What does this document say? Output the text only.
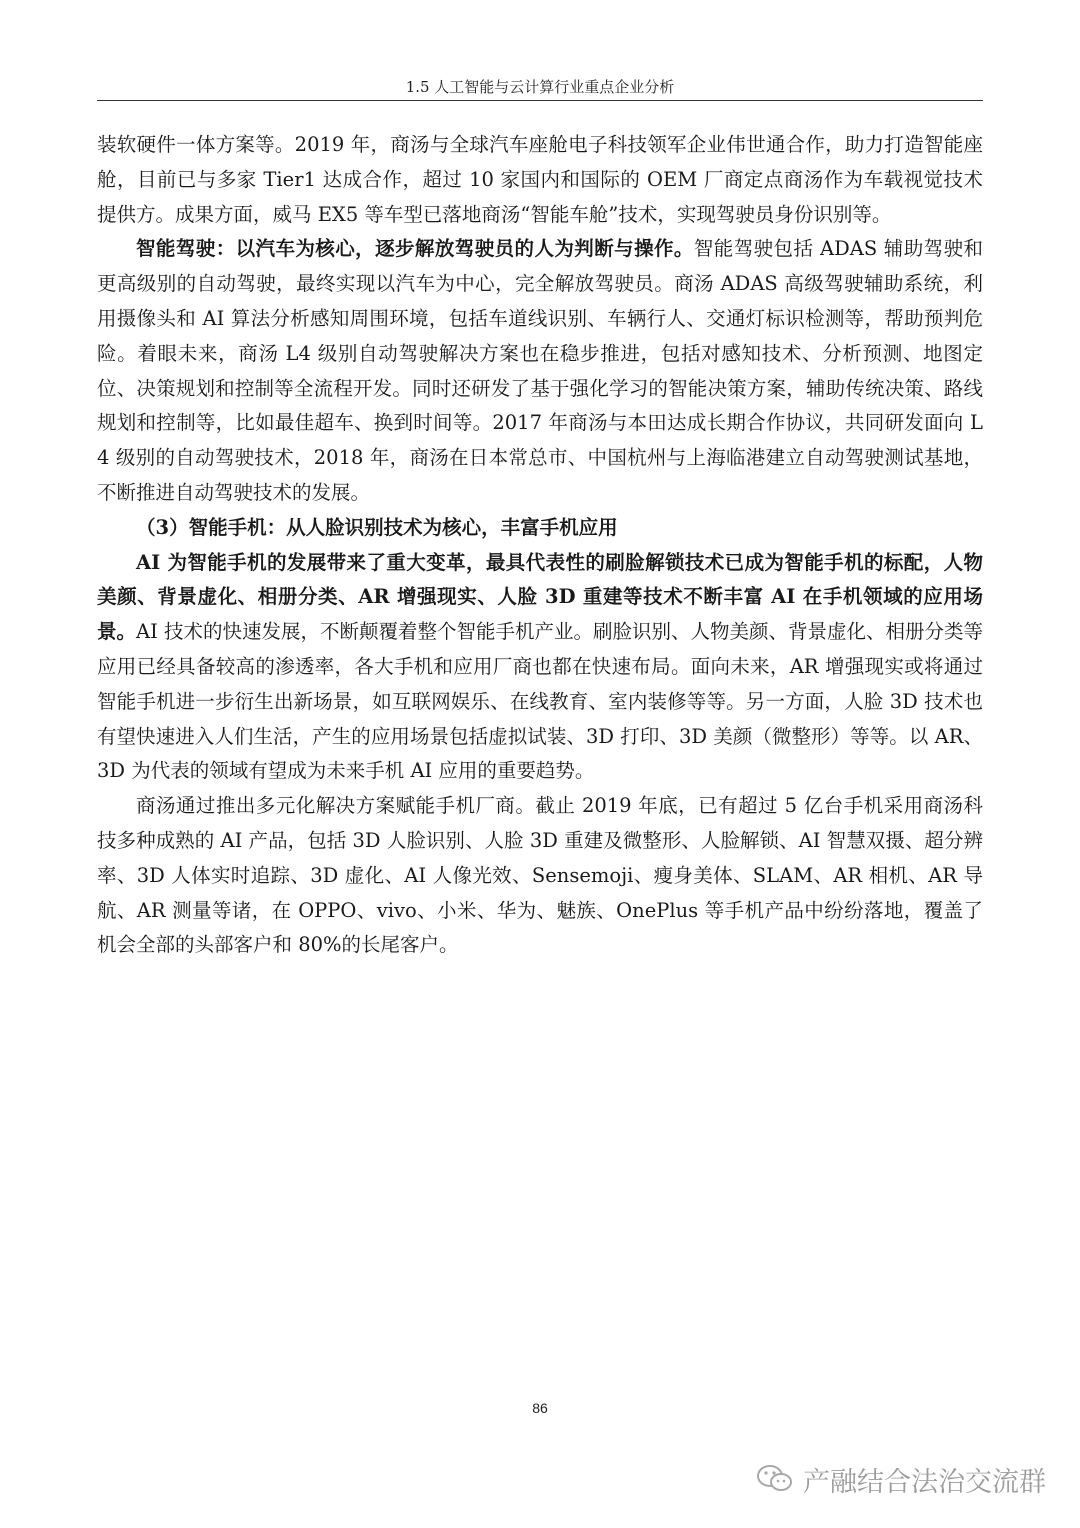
1.5 人工智能与云计算行业重点企业分析

装软硬件一体方案等。2019 年，商汤与全球汽车座舱电子科技领军企业伟世通合作，助力打造智能座舱，目前已与多家 Tier1 达成合作，超过 10 家国内和国际的 OEM 厂商定点商汤作为车载视觉技术提供方。成果方面，威马 EX5 等车型已落地商汤“智能车舱”技术，实现驾驶员身份识别等。

智能驾驶：以汽车为核心，逐步解放驾驶员的人为判断与操作。智能驾驶包括 ADAS 辅助驾驶和更高级别的自动驾驶，最终实现以汽车为中心，完全解放驾驶员。商汤 ADAS 高级驾驶辅助系统，利用摄像头和 AI 算法分析感知周围环境，包括车道线识别、车辆行人、交通灯标识检测等，帮助预判危险。着眼未来，商汤 L4 级别自动驾驶解决方案也在稳步推进，包括对感知技术、分析预测、地图定位、决策规划和控制等全流程开发。同时还研发了基于强化学习的智能决策方案，辅助传统决策、路线规划和控制等，比如最佳超车、换到时间等。2017 年商汤与本田达成长期合作协议，共同研发面向 L4 级别的自动驾驶技术，2018 年，商汤在日本常总市、中国杭州与上海临港建立自动驾驶测试基地，不断推进自动驾驶技术的发展。

（3）智能手机：从人脸识别技术为核心，丰富手机应用

AI 为智能手机的发展带来了重大变革，最具代表性的刷脸解锁技术已成为智能手机的标配，人物美颜、背景虚化、相册分类、AR 增强现实、人脸 3D 重建等技术不断丰富 AI 在手机领域的应用场景。AI 技术的快速发展，不断颠覆着整个智能手机产业。刷脸识别、人物美颜、背景虚化、相册分类等应用已经具备较高的渗透率，各大手机和应用厂商也都在快速布局。面向未来，AR 增强现实或将通过智能手机进一步衍生出新场景，如互联网娱乐、在线教育、室内装修等等。另一方面，人脸 3D 技术也有望快速进入人们生活，产生的应用场景包括虚拟试装、3D 打印、3D 美颜（微整形）等等。以 AR、3D 为代表的领域有望成为未来手机 AI 应用的重要趋势。

商汤通过推出多元化解决方案赋能手机厂商。截止 2019 年底，已有超过 5 亿台手机采用商汤科技多种成熟的 AI 产品，包括 3D 人脸识别、人脸 3D 重建及微整形、人脸解锁、AI 智慧双摄、超分辨率、3D 人体实时追踪、3D 虚化、AI 人像光效、Sensemoji、瘦身美体、SLAM、AR 相机、AR 导航、AR 测量等诸，在 OPPO、vivo、小米、华为、魅族、OnePlus 等手机产品中纷纷落地，覆盖了机会全部的头部客户和 80%的长尾客户。

86
产融结合法治交流群
